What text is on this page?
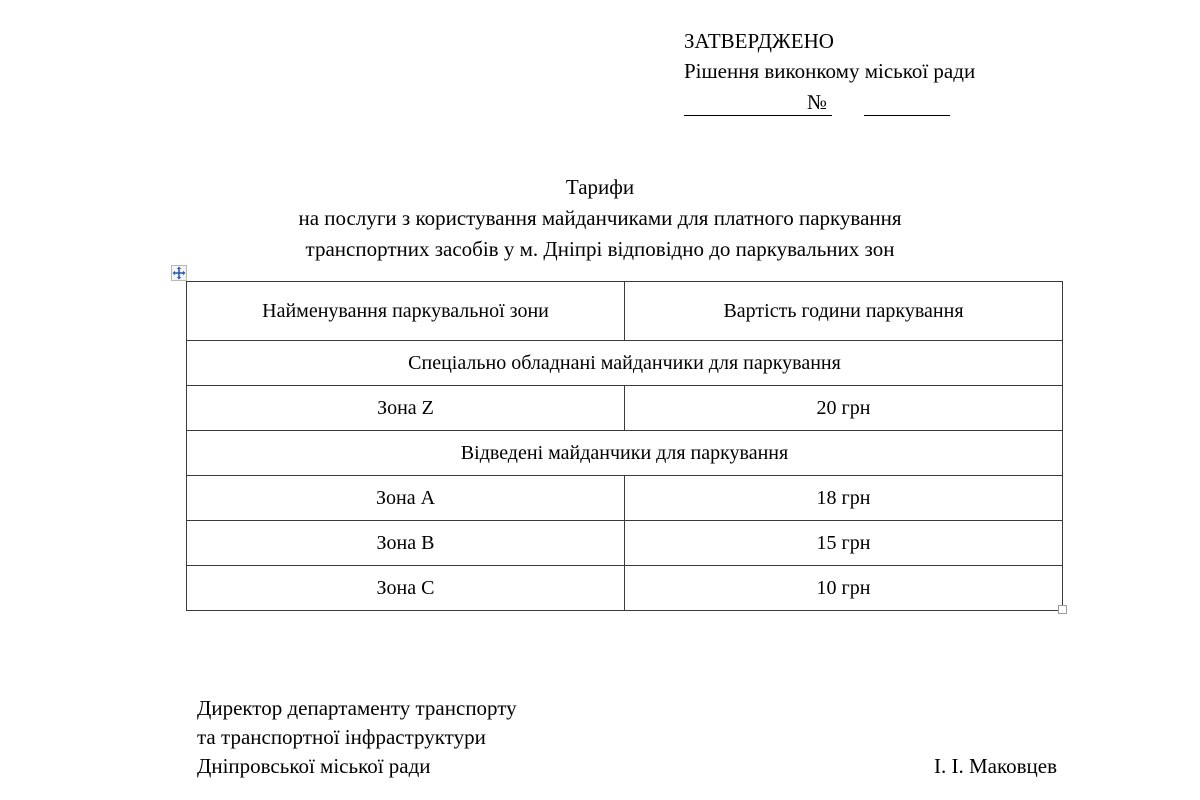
ЗАТВЕРДЖЕНО
Рішення виконкому міської ради
№
Тарифи
на послуги з користування майданчиками для платного паркування
транспортних засобів у м. Дніпрі відповідно до паркувальних зон
Найменування паркувальної зони	Вартість години паркування
Спеціально обладнані майданчики для паркування	
Зона Z	20 грн
Відведені майданчики для паркування	
Зона A	18 грн
Зона B	15 грн
Зона C	10 грн
Директор департаменту транспорту
та транспортної інфраструктури
Дніпровської міської ради	І. І. Маковцев
